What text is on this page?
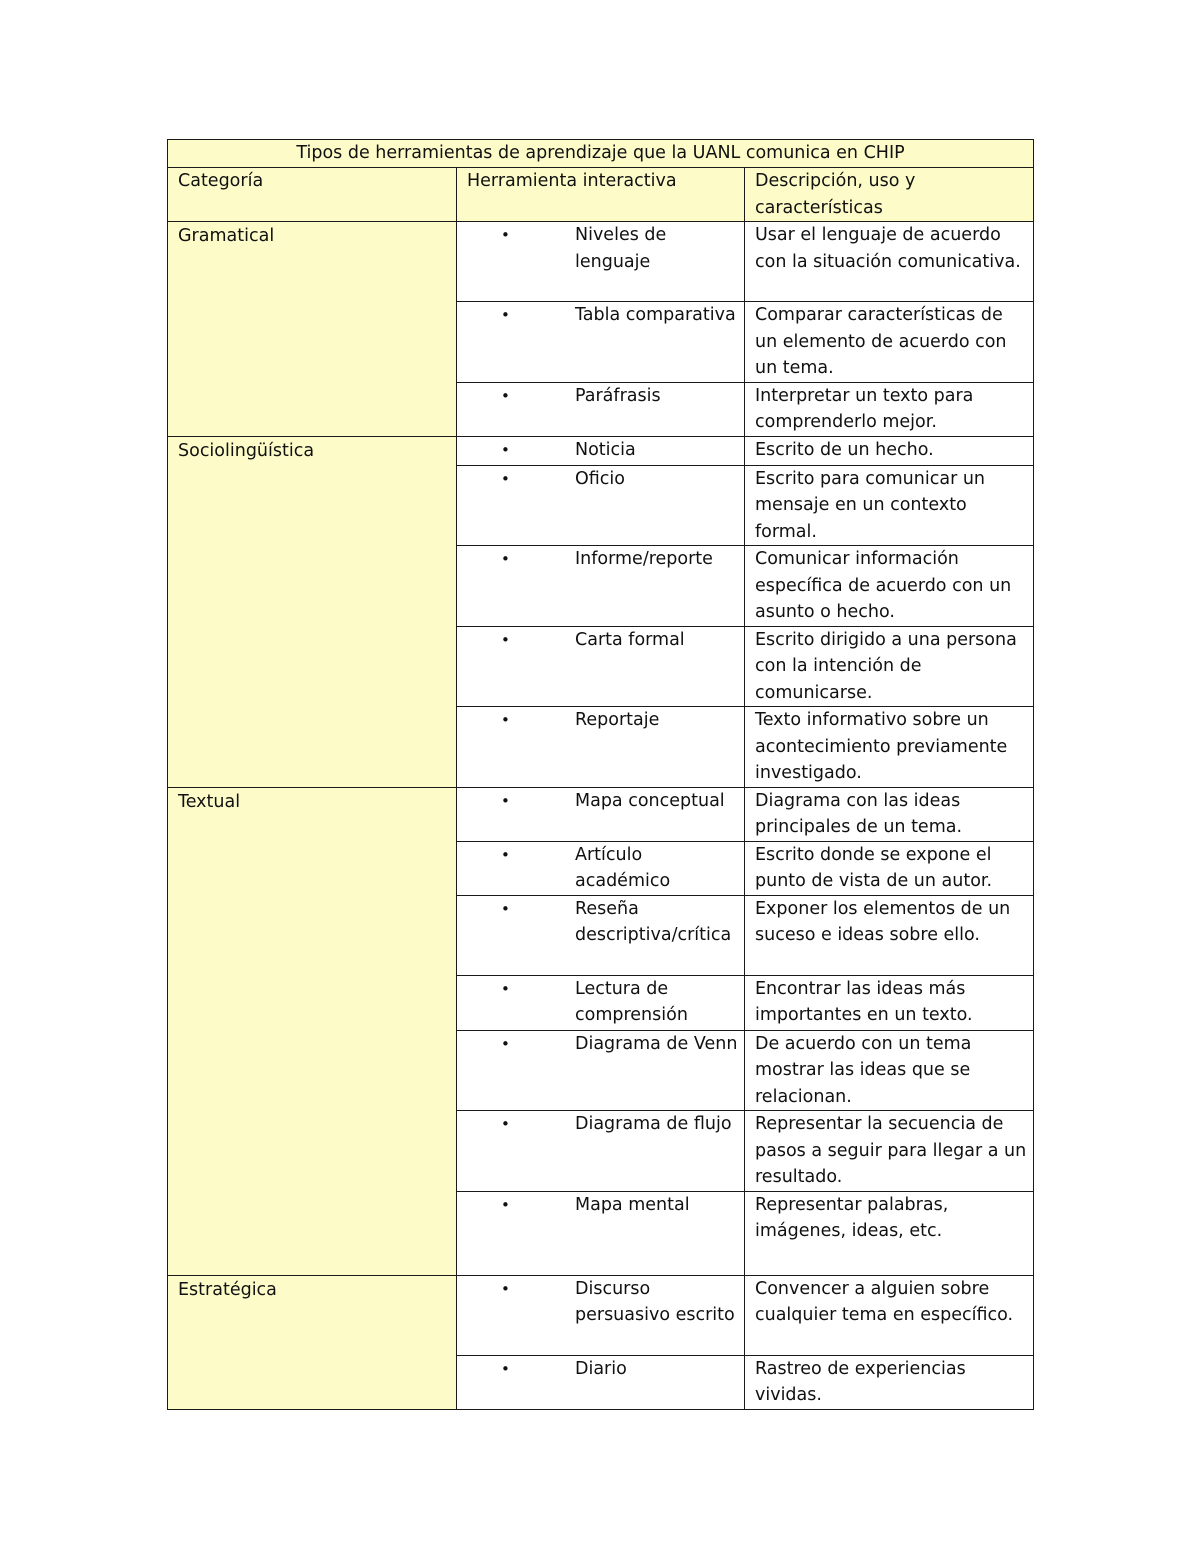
Tipos de herramientas de aprendizaje que la UANL comunica en CHIP		
Categoría	Herramienta interactiva	Descripción, uso y características
Gramatical	• Niveles de lenguaje	Usar el lenguaje de acuerdo con la situación comunicativa.

	• Tabla comparativa	Comparar características de un elemento de acuerdo con un tema.

	• Paráfrasis	Interpretar un texto para comprenderlo mejor.
Sociolingüística	• Noticia	Escrito de un hecho.

	• Oficio	Escrito para comunicar un mensaje en un contexto formal.

	• Informe/reporte	Comunicar información específica de acuerdo con un asunto o hecho.

	• Carta formal	Escrito dirigido a una persona con la intención de comunicarse.

	• Reportaje	Texto informativo sobre un acontecimiento previamente investigado.
Textual	• Mapa conceptual	Diagrama con las ideas principales de un tema.

	• Artículo académico	Escrito donde se expone el punto de vista de un autor.

	• Reseña descriptiva/crítica	Exponer los elementos de un suceso e ideas sobre ello.

	• Lectura de comprensión	Encontrar las ideas más importantes en un texto.

	• Diagrama de Venn	De acuerdo con un tema mostrar las ideas que se relacionan.

	• Diagrama de flujo	Representar la secuencia de pasos a seguir para llegar a un resultado.

	• Mapa mental	Representar palabras, imágenes, ideas, etc.
Estratégica	• Discurso persuasivo escrito	Convencer a alguien sobre cualquier tema en específico.

	• Diario	Rastreo de experiencias vividas.
